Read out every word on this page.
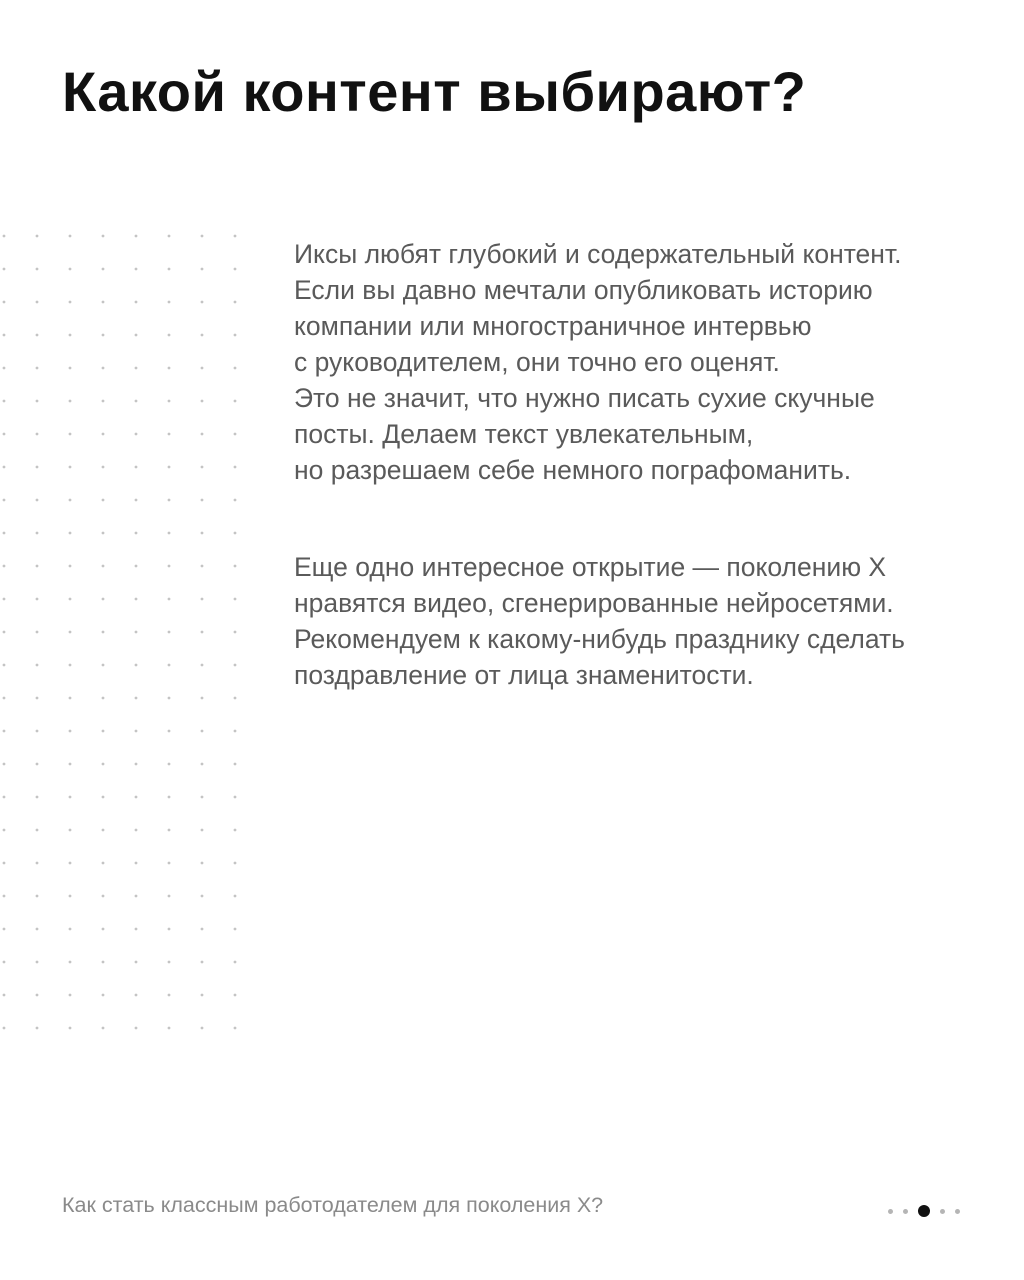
Какой контент выбирают?

Иксы любят глубокий и содержательный контент.
Если вы давно мечтали опубликовать историю
компании или многостраничное интервью
с руководителем, они точно его оценят.
Это не значит, что нужно писать сухие скучные
посты. Делаем текст увлекательным,
но разрешаем себе немного пографоманить.

Еще одно интересное открытие — поколению X
нравятся видео, сгенерированные нейросетями.
Рекомендуем к какому-нибудь празднику сделать
поздравление от лица знаменитости.

Как стать классным работодателем для поколения X?
